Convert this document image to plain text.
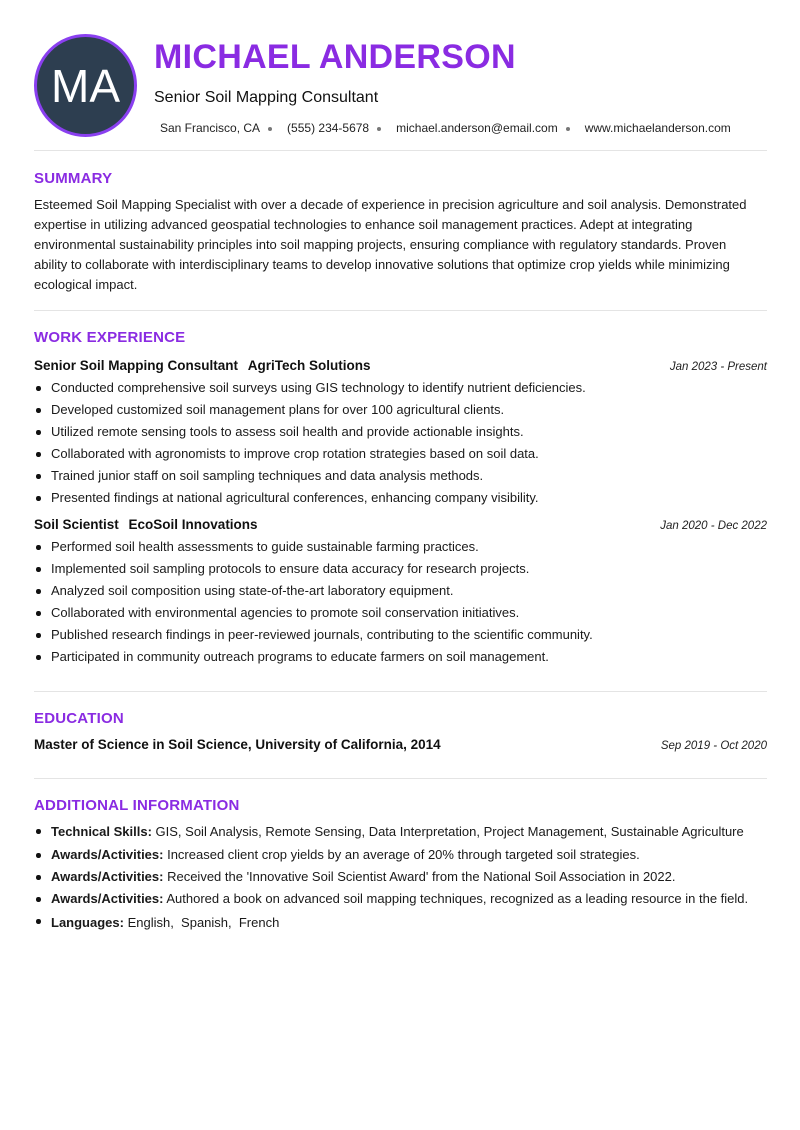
MA
MICHAEL ANDERSON
Senior Soil Mapping Consultant
San Francisco, CA (555) 234-5678 michael.anderson@email.com www.michaelanderson.com
SUMMARY
Esteemed Soil Mapping Specialist with over a decade of experience in precision agriculture and soil analysis. Demonstrated
expertise in utilizing advanced geospatial technologies to enhance soil management practices. Adept at integrating
environmental sustainability principles into soil mapping projects, ensuring compliance with regulatory standards. Proven
ability to collaborate with interdisciplinary teams to develop innovative solutions that optimize crop yields while minimizing
ecological impact.
WORK EXPERIENCE
Senior Soil Mapping Consultant AgriTech Solutions	Jan 2023 - Present
Conducted comprehensive soil surveys using GIS technology to identify nutrient deficiencies.
Developed customized soil management plans for over 100 agricultural clients.
Utilized remote sensing tools to assess soil health and provide actionable insights.
Collaborated with agronomists to improve crop rotation strategies based on soil data.
Trained junior staff on soil sampling techniques and data analysis methods.
Presented findings at national agricultural conferences, enhancing company visibility.
Soil Scientist EcoSoil Innovations	Jan 2020 - Dec 2022
Performed soil health assessments to guide sustainable farming practices.
Implemented soil sampling protocols to ensure data accuracy for research projects.
Analyzed soil composition using state-of-the-art laboratory equipment.
Collaborated with environmental agencies to promote soil conservation initiatives.
Published research findings in peer-reviewed journals, contributing to the scientific community.
Participated in community outreach programs to educate farmers on soil management.
EDUCATION
Master of Science in Soil Science, University of California, 2014	Sep 2019 - Oct 2020
ADDITIONAL INFORMATION
Technical Skills: GIS, Soil Analysis, Remote Sensing, Data Interpretation, Project Management, Sustainable Agriculture
Awards/Activities: Increased client crop yields by an average of 20% through targeted soil strategies.
Awards/Activities: Received the 'Innovative Soil Scientist Award' from the National Soil Association in 2022.
Awards/Activities: Authored a book on advanced soil mapping techniques, recognized as a leading resource in the field.
Languages: English,  Spanish,  French
